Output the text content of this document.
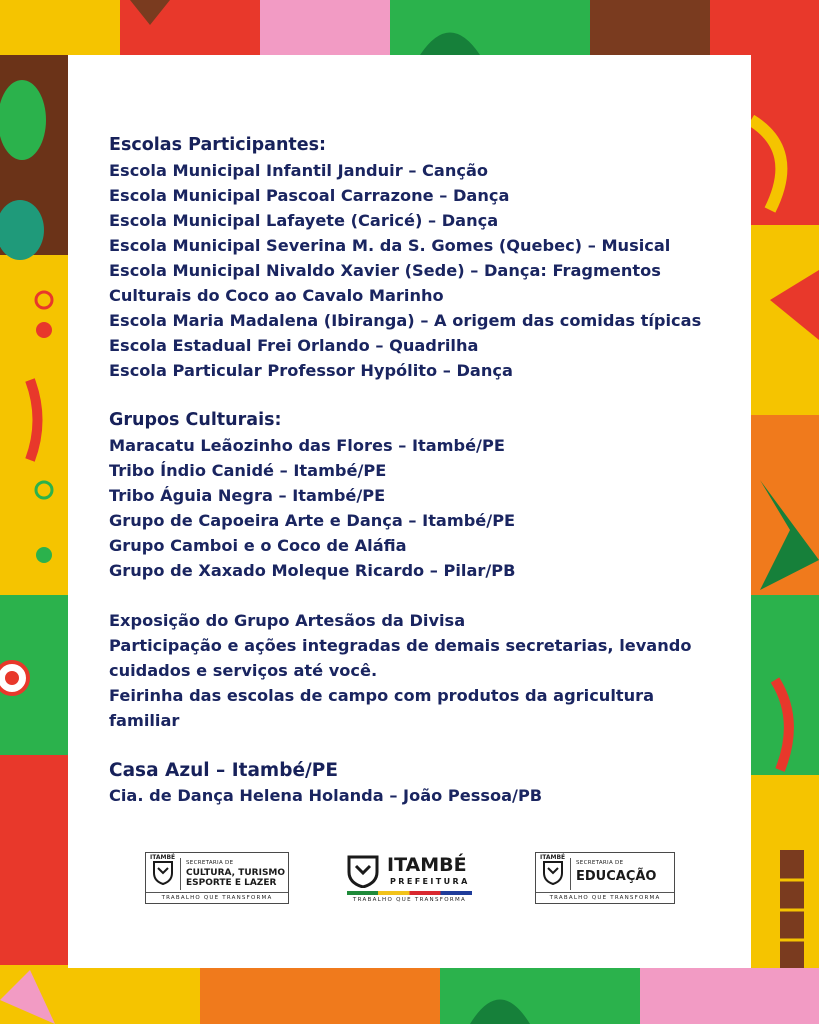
Escolas Participantes:
Escola Municipal Infantil Janduir – Canção
Escola Municipal Pascoal Carrazone – Dança
Escola Municipal Lafayete (Caricé) – Dança
Escola Municipal Severina M. da S. Gomes (Quebec) – Musical
Escola Municipal Nivaldo Xavier (Sede) – Dança: Fragmentos
Culturais do Coco ao Cavalo Marinho
Escola Maria Madalena (Ibiranga) – A origem das comidas típicas
Escola Estadual Frei Orlando – Quadrilha
Escola Particular Professor Hypólito – Dança
Grupos Culturais:
Maracatu Leãozinho das Flores – Itambé/PE
Tribo Índio Canidé – Itambé/PE
Tribo Águia Negra – Itambé/PE
Grupo de Capoeira Arte e Dança – Itambé/PE
Grupo Camboi e o Coco de Aláfia
Grupo de Xaxado Moleque Ricardo – Pilar/PB
Exposição do Grupo Artesãos da Divisa
Participação e ações integradas de demais secretarias, levando
cuidados e serviços até você.
Feirinha das escolas de campo com produtos da agricultura
familiar
Casa Azul – Itambé/PE
Cia. de Dança Helena Holanda – João Pessoa/PB
ITAMBÉ
SECRETARIA DE
CULTURA, TURISMO
ESPORTE E LAZER
TRABALHO QUE TRANSFORMA
ITAMBÉ
PREFEITURA
TRABALHO QUE TRANSFORMA
ITAMBÉ
SECRETARIA DE
EDUCAÇÃO
TRABALHO QUE TRANSFORMA
